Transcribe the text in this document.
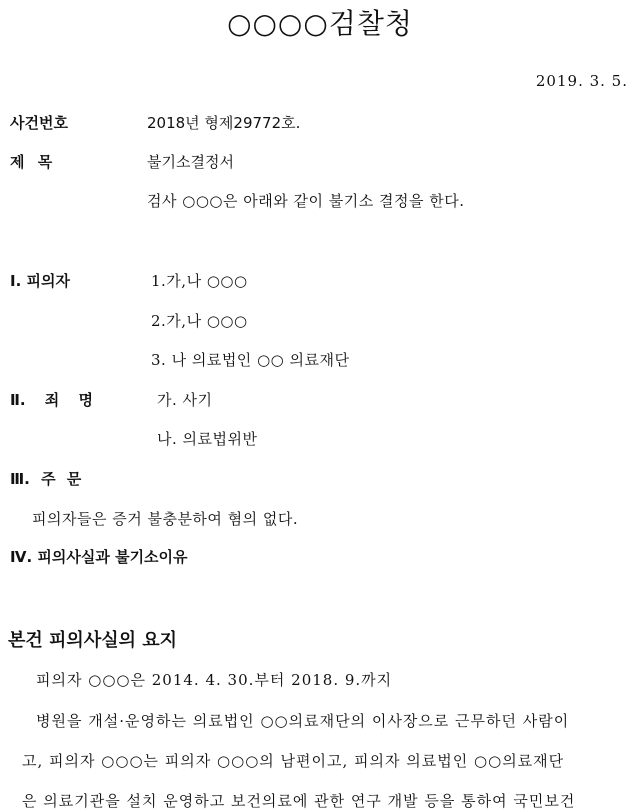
○○○○검찰청
2019. 3. 5.
사건번호	2018년 형제29772호.
제 목	불기소결정서
검사 ○○○은 아래와 같이 불기소 결정을 한다.
Ⅰ. 피의자	1.가,나 ○○○
2.가,나 ○○○
3. 나 의료법인 ○○ 의료재단
Ⅱ. 죄 명	가. 사기
나. 의료법위반
Ⅲ. 주 문
피의자들은 증거 불충분하여 혐의 없다.
Ⅳ. 피의사실과 불기소이유
본건 피의사실의 요지
피의자 ○○○은 2014. 4. 30.부터 2018. 9.까지
병원을 개설·운영하는 의료법인 ○○의료재단의 이사장으로 근무하던 사람이
고, 피의자 ○○○는 피의자 ○○○의 남편이고, 피의자 의료법인 ○○의료재단
은 의료기관을 설치 운영하고 보건의료에 관한 연구 개발 등을 통하여 국민보건
